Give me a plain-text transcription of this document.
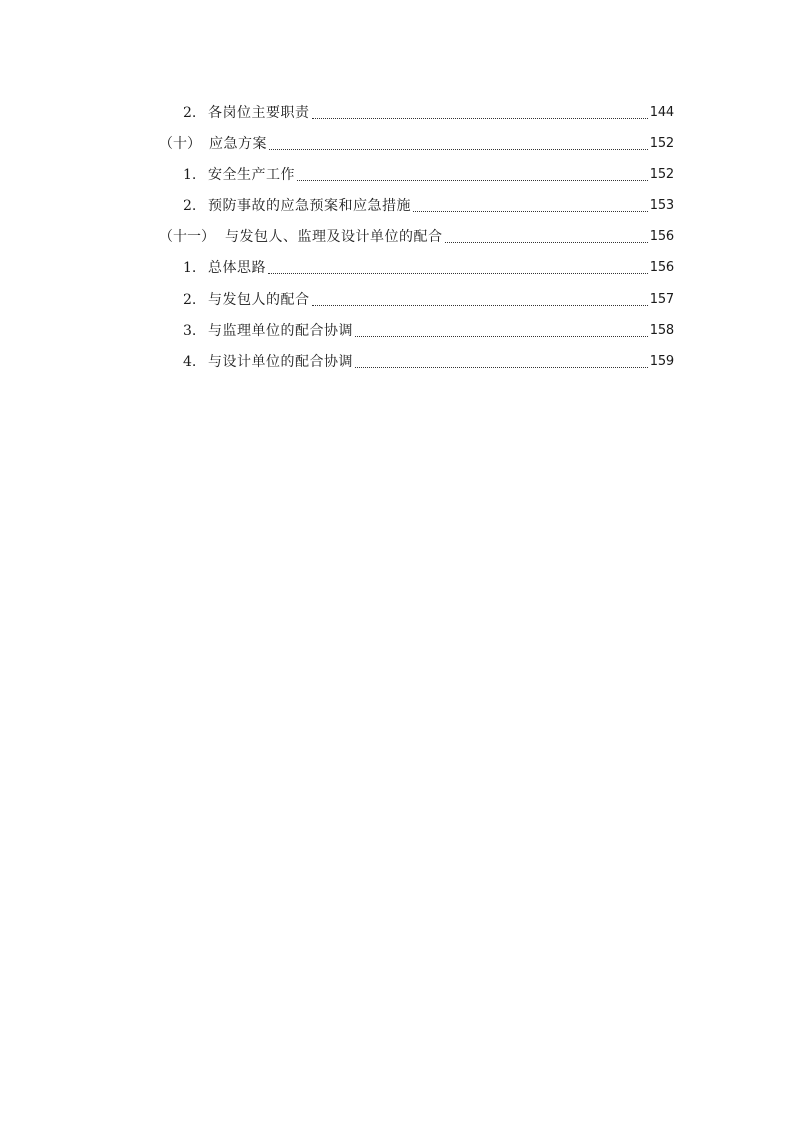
2. 各岗位主要职责	144
（十） 应急方案	152
1. 安全生产工作	152
2. 预防事故的应急预案和应急措施	153
（十一） 与发包人、监理及设计单位的配合	156
1. 总体思路	156
2. 与发包人的配合	157
3. 与监理单位的配合协调	158
4. 与设计单位的配合协调	159
